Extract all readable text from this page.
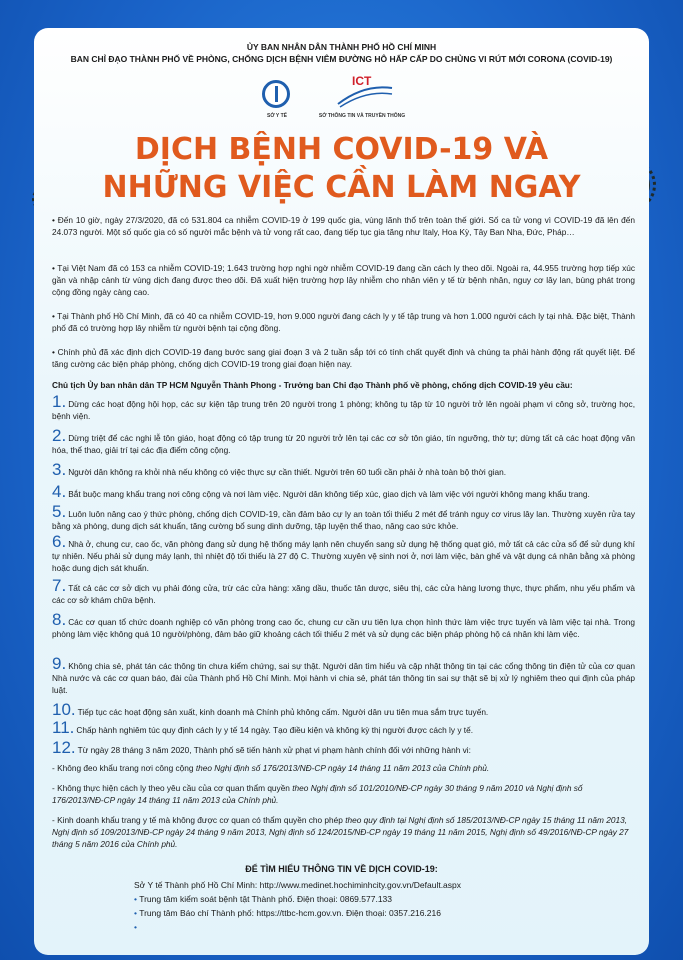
ỦY BAN NHÂN DÂN THÀNH PHỐ HỒ CHÍ MINH
BAN CHỈ ĐẠO THÀNH PHỐ VỀ PHÒNG, CHỐNG DỊCH BỆNH VIÊM ĐƯỜNG HÔ HẤP CẤP DO CHỦNG VI RÚT MỚI CORONA (COVID-19)
SỞ Y TẾ
ICT
SỞ THÔNG TIN VÀ TRUYỀN THÔNG
DỊCH BỆNH COVID-19 VÀ
NHỮNG VIỆC CẦN LÀM NGAY
• Đến 10 giờ, ngày 27/3/2020, đã có 531.804 ca nhiễm COVID-19 ở 199 quốc gia, vùng lãnh thổ trên toàn thế giới. Số ca tử vong vì COVID-19 đã lên đến 24.073 người. Một số quốc gia có số người mắc bệnh và tử vong rất cao, đang tiếp tục gia tăng như Italy, Hoa Kỳ, Tây Ban Nha, Đức, Pháp…
• Tại Việt Nam đã có 153 ca nhiễm COVID-19; 1.643 trường hợp nghi ngờ nhiễm COVID-19 đang cần cách ly theo dõi. Ngoài ra, 44.955 trường hợp tiếp xúc gần và nhập cảnh từ vùng dịch đang được theo dõi. Đã xuất hiện trường hợp lây nhiễm cho nhân viên y tế từ bệnh nhân, nguy cơ lây lan, bùng phát trong cộng đồng ngày càng cao.
• Tại Thành phố Hồ Chí Minh, đã có 40 ca nhiễm COVID-19, hơn 9.000 người đang cách ly y tế tập trung và hơn 1.000 người cách ly tại nhà. Đặc biệt, Thành phố đã có trường hợp lây nhiễm từ người bệnh tại cộng đồng.
• Chính phủ đã xác định dịch COVID-19 đang bước sang giai đoạn 3 và 2 tuần sắp tới có tính chất quyết định và chúng ta phải hành động rất quyết liệt. Để tăng cường các biện pháp phòng, chống dịch COVID-19 trong giai đoạn hiện nay.
Chủ tịch Ủy ban nhân dân TP HCM Nguyễn Thành Phong - Trưởng ban Chỉ đạo Thành phố về phòng, chống dịch COVID-19 yêu cầu:
1. Dừng các hoạt động hội họp, các sự kiện tập trung trên 20 người trong 1 phòng; không tụ tập từ 10 người trở lên ngoài phạm vi công sở, trường học, bệnh viện.
2. Dừng triệt để các nghi lễ tôn giáo, hoạt động có tập trung từ 20 người trở lên tại các cơ sở tôn giáo, tín ngưỡng, thờ tự; dừng tất cả các hoạt động văn hóa, thể thao, giải trí tại các địa điểm công cộng.
3. Người dân không ra khỏi nhà nếu không có việc thực sự cần thiết. Người trên 60 tuổi cần phải ở nhà toàn bộ thời gian.
4. Bắt buộc mang khẩu trang nơi công cộng và nơi làm việc. Người dân không tiếp xúc, giao dịch và làm việc với người không mang khẩu trang.
5. Luôn luôn nâng cao ý thức phòng, chống dịch COVID-19, cần đảm bảo cự ly an toàn tối thiểu 2 mét để tránh nguy cơ virus lây lan. Thường xuyên rửa tay bằng xà phòng, dung dịch sát khuẩn, tăng cường bổ sung dinh dưỡng, tập luyện thể thao, nâng cao sức khỏe.
6. Nhà ở, chung cư, cao ốc, văn phòng đang sử dụng hệ thống máy lạnh nên chuyển sang sử dụng hệ thống quạt gió, mở tất cả các cửa sổ để sử dụng khí tự nhiên. Nếu phải sử dụng máy lạnh, thì nhiệt độ tối thiểu là 27 độ C. Thường xuyên vệ sinh nơi ở, nơi làm việc, bàn ghế và vật dụng cá nhân bằng xà phòng hoặc dung dịch sát khuẩn.
7. Tất cả các cơ sở dịch vụ phải đóng cửa, trừ các cửa hàng: xăng dầu, thuốc tân dược, siêu thị, các cửa hàng lương thực, thực phẩm, nhu yếu phẩm và các cơ sở khám chữa bệnh.
8. Các cơ quan tổ chức doanh nghiệp có văn phòng trong cao ốc, chung cư cần ưu tiên lựa chọn hình thức làm việc trực tuyến và làm việc tại nhà. Trong phòng làm việc không quá 10 người/phòng, đảm bảo giữ khoảng cách tối thiểu 2 mét và sử dụng các biện pháp phòng hộ cá nhân khi làm việc.
9. Không chia sẻ, phát tán các thông tin chưa kiểm chứng, sai sự thật. Người dân tìm hiểu và cập nhật thông tin tại các cổng thông tin điện tử của cơ quan Nhà nước và các cơ quan báo, đài của Thành phố Hồ Chí Minh. Mọi hành vi chia sẻ, phát tán thông tin sai sự thật sẽ bị xử lý nghiêm theo qui định của pháp luật.
10. Tiếp tục các hoạt động sản xuất, kinh doanh mà Chính phủ không cấm. Người dân ưu tiên mua sắm trực tuyến.
11. Chấp hành nghiêm túc quy định cách ly y tế 14 ngày. Tạo điều kiện và không kỳ thị người được cách ly y tế.
12. Từ ngày 28 tháng 3 năm 2020, Thành phố sẽ tiến hành xử phạt vi phạm hành chính đối với những hành vi:
- Không đeo khẩu trang nơi công cộng theo Nghị định số 176/2013/NĐ-CP ngày 14 tháng 11 năm 2013 của Chính phủ.
- Không thực hiện cách ly theo yêu cầu của cơ quan thẩm quyền theo Nghị định số 101/2010/NĐ-CP ngày 30 tháng 9 năm 2010 và Nghị định số 176/2013/NĐ-CP ngày 14 tháng 11 năm 2013 của Chính phủ.
- Kinh doanh khẩu trang y tế mà không được cơ quan có thẩm quyền cho phép theo quy định tại Nghị định số 185/2013/NĐ-CP ngày 15 tháng 11 năm 2013, Nghị định số 109/2013/NĐ-CP ngày 24 tháng 9 năm 2013, Nghị định số 124/2015/NĐ-CP ngày 19 tháng 11 năm 2015, Nghị định số 49/2016/NĐ-CP ngày 27 tháng 5 năm 2016 của Chính phủ.
ĐỂ TÌM HIỂU THÔNG TIN VỀ DỊCH COVID-19:
Sở Y tế Thành phố Hồ Chí Minh: http://www.medinet.hochiminhcity.gov.vn/Default.aspx
• Trung tâm kiểm soát bệnh tật Thành phố. Điện thoại: 0869.577.133
• Trung tâm Báo chí Thành phố: https://ttbc-hcm.gov.vn. Điện thoại: 0357.216.216
•
